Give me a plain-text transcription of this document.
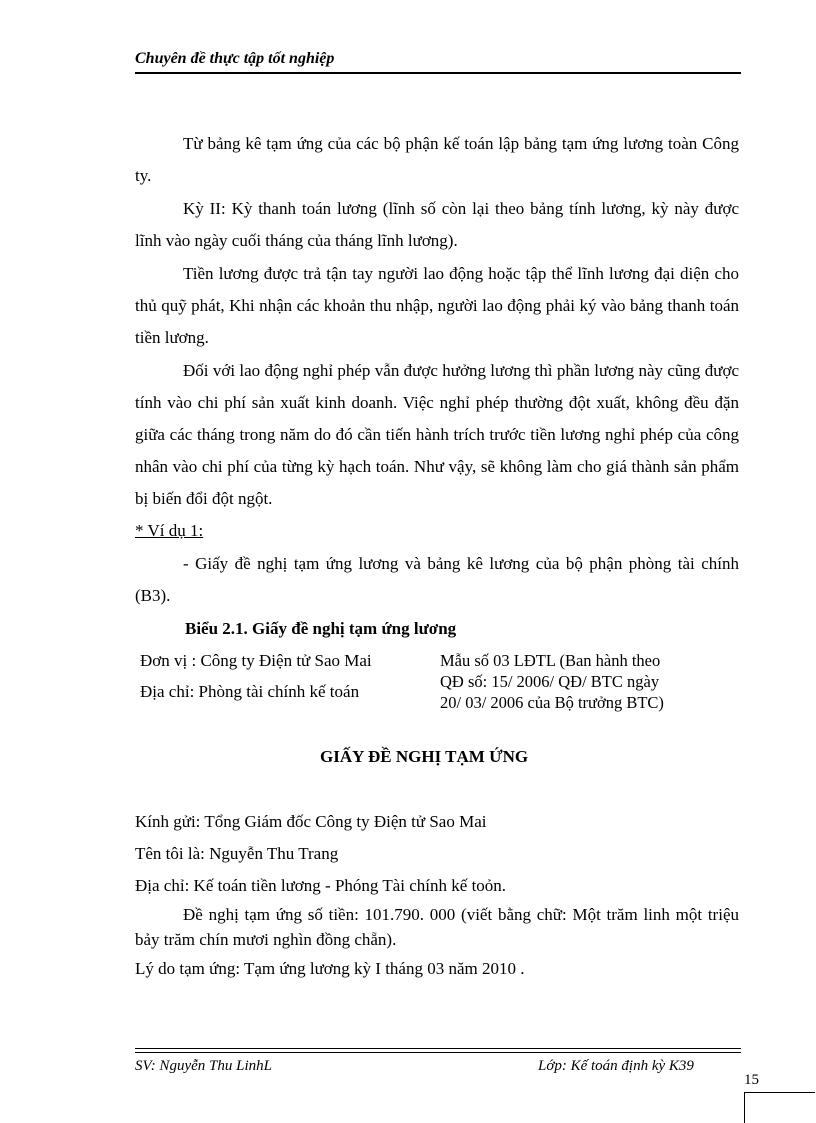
Chuyên đề thực tập tốt nghiệp

Từ bảng kê tạm ứng của các bộ phận kế toán lập bảng tạm ứng lương toàn Công ty.

Kỳ II: Kỳ thanh toán lương (lĩnh số còn lại theo bảng tính lương, kỳ này được lĩnh vào ngày cuối tháng của tháng lĩnh lương).

Tiền lương được trả tận tay người lao động hoặc tập thể lĩnh lương đại diện cho thủ quỹ phát, Khi nhận các khoản thu nhập, người lao động phải ký vào bảng thanh toán tiền lương.

Đối với lao động nghỉ phép vẫn được hưởng lương thì phần lương này cũng được tính vào chi phí sản xuất kinh doanh. Việc nghỉ phép thường đột xuất, không đều đặn giữa các tháng trong năm do đó cần tiến hành trích trước tiền lương nghỉ phép của công nhân vào chi phí của từng kỳ hạch toán. Như vậy, sẽ không làm cho giá thành sản phẩm bị biến đổi đột ngột.

* Ví dụ 1:

- Giấy đề nghị tạm ứng lương và bảng kê lương của bộ phận phòng tài chính (B3).

Biểu 2.1. Giấy đề nghị tạm ứng lương

Đơn vị : Công ty Điện tử Sao Mai

Địa chỉ: Phòng tài chính kế toán

Mẫu số 03 LĐTL (Ban hành theo
QĐ số: 15/ 2006/ QĐ/ BTC ngày
20/ 03/ 2006 của Bộ trưởng BTC)

GIẤY ĐỀ NGHỊ TẠM ỨNG

Kính gửi: Tổng Giám đốc Công ty Điện tử Sao Mai

Tên tôi là: Nguyễn Thu Trang

Địa chỉ: Kế toán tiền lương - Phóng Tài chính kế toỏn.

Đề nghị tạm ứng số tiền: 101.790. 000 (viết bằng chữ: Một trăm linh một triệu bảy trăm chín mươi nghìn đồng chẵn).

Lý do tạm ứng: Tạm ứng lương kỳ I tháng 03 năm 2010 .

SV: Nguyễn Thu LinhL	Lớp: Kế toán định kỳ K39
15
